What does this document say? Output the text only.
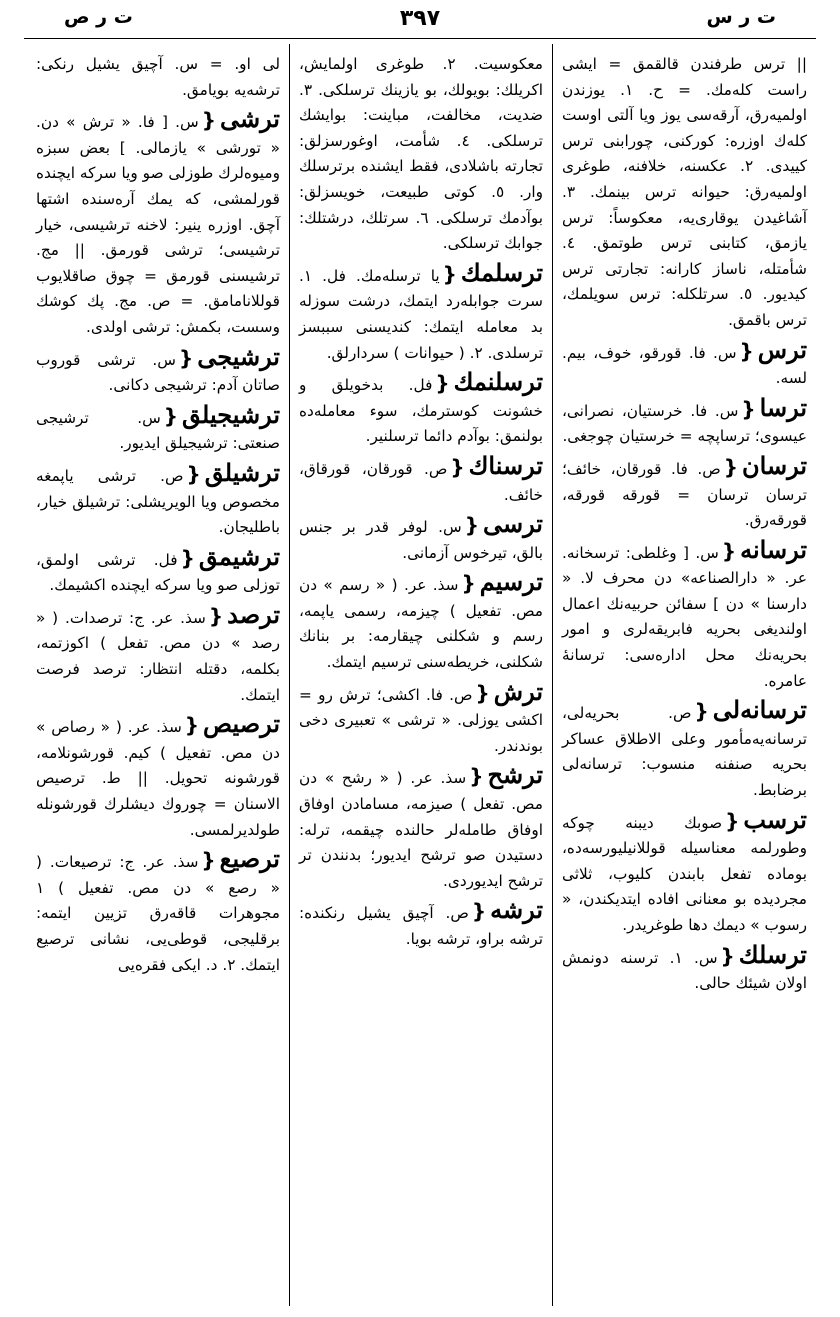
ت ر ص	۳۹۷	ت ر س
|| ترس طرفندن قالقمق = ایشی راست کلەمك. = ح. ۱. یو‌زندن اولمیەرق، آرقەسی یوز ویا آلتی اوست کلەك اوزرە: کورکنی، چورابنی ترس کییدی. ۲. عکسنە، خلافنە، طوغری اولمیەرق: حیوانە ترس بینمك. ۳. آشاغیدن یوقاری‌یە، معکوساً: ترس یازمق، کتابنی ترس طوتمق. ٤. شأمتلە، ناساز کارانە: تجارتی ترس کیدیور. ٥. سرتلکلە: ترس سویلمك، ترس باقمق.
ترس{س. فا. قورقو، خوف، بیم. لسە.
ترسا{س. فا. خرستیان، نصرانی، عیسوی؛ ترساپچە = خرستیان چوجغی.
ترسان{ص. فا. قورقان، خائف؛ ترسان ترسان = قورقە قورقە، قورقەرق.
ترسانە{س. [ وغلطی: ترسخانە. عر. « دارالصناعە» دن محرف لا. « دارسنا » دن ] سفائن حربیەنك اعمال اولندیغی بحریە فابریقەلری و امور بحریەنك محل ادارەسی: ترسانۀ عامرە.
ترسانەلی{ص. بحریەلی، ترسانەیەمأمور وعلی الاطلاق عساکر بحریە صنفنە منسوب: ترسانەلی برضابط.
ترسب{صوبك دیبنە چوکە وطورلمە معناسیلە قوللانیلیورسەدە، بومادە تفعل بابندن کلیوب، ثلاثی مجردیدە بو معنانی افادە ایتدیکندن، « رسوب » دیمك دها طوغریدر.
ترسلك{س. ۱. ترسنە دونمش اولان شیئك حالی.
معکوسیت. ۲. طوغری اولمایش، اکریلك: بویولك، بو یازینك ترسلکی. ۳. ضدیت، مخالفت، مباینت: بوایشك ترسلکی. ٤. شأمت، اوغورسزلق: تجارتە باشلادی، فقط ایشندە برترسلك وار. ٥. کوتی طبیعت، خویسزلق: بوآدمك ترسلکی. ٦. سرتلك، درشتلك: جوابك ترسلکی.
ترسلمك{یا ترسلەمك. فل. ۱. سرت جوابلەرد ایتمك، درشت سوزلە بد معاملە ایتمك: کندیسنی سببسز ترسلدی. ۲. ( حیوانات ) سردارلق.
ترسلنمك{فل. بدخویلق و خشونت کوسترمك، سوء معاملەدە بولنمق: بوآدم دائما ترسلنیر.
ترسناك{ص. قورقان، قورقاق، خائف.
ترسی{س. لوفر قدر بر جنس بالق، تیرخوس آزمانی.
ترسیم{سذ. عر. ( « رسم » دن مص. تفعیل ) چیزمە، رسمی یاپمە، رسم و شکلنی چیقارمە: بر بنانك شکلنی، خریطەسنی ترسیم ایتمك.
ترش{ص. فا. اکشی؛ ترش رو = اکشی یوزلی. « ترشی » تعبیری دخی بوندندر.
ترشح{سذ. عر. ( « رشح » دن مص. تفعل ) صیزمە، مسامادن اوفاق اوفاق طاملەلر حالندە چیقمە، ترلە: دستیدن صو ترشح ایدیور؛ بدنندن تر ترشح ایدیوردی.
ترشە{ص. آچیق یشیل رنکندە: ترشە براو، ترشە بویا.
لی او. = س. آچیق یشیل رنکی: ترشەیە بویامق.
ترشی{س. [ فا. « ترش » دن. « تورشی » یازمالی. ] بعض سبزە ومیوەلرك طوزلی صو ویا سرکە ایچندە قورلمشی، کە یمك آرەسندە اشتها آچق. اوزرە ینیر: لاخنە ترشیسی، خیار ترشیسی؛ ترشی قورمق. || مج. ترشیسنی قورمق = چوق صاقلایوب قوللانامامق. = ص. مج. پك کوشك وسست، بکمش: ترشی اولدی.
ترشیجی{س. ترشی قوروب صاتان آدم: ترشیجی دکانی.
ترشیجیلق{س. ترشیجی صنعتی: ترشیجیلق ایدیور.
ترشیلق{ص. ترشی یاپمغە مخصوص ویا الویریشلی: ترشیلق خیار، باطلیجان.
ترشیمق{فل. ترشی اولمق، توزلی صو ویا سرکە ایچندە اکشیمك.
ترصد{سذ. عر. ج: ترصدات. ( « رصد » دن مص. تفعل ) اکوزتمە، بکلمە، دقتلە انتظار: ترصد فرصت ایتمك.
ترصیص{سذ. عر. ( « رصاص » دن مص. تفعیل ) کیم. قورشونلامە، قورشونە تحویل. || ط. ترصیص الاسنان = چوروك دیشلرك قورشونلە طولدیرلمسی.
ترصیع{سذ. عر. ج: ترصیعات. ( « رصع » دن مص. تفعیل ) ۱ مجوهرات قاقەرق تزیین ایتمە: برقلیجی، قوطی‌یی، نشانی ترصیع ایتمك. ۲. د. ایکی فقرەیی
